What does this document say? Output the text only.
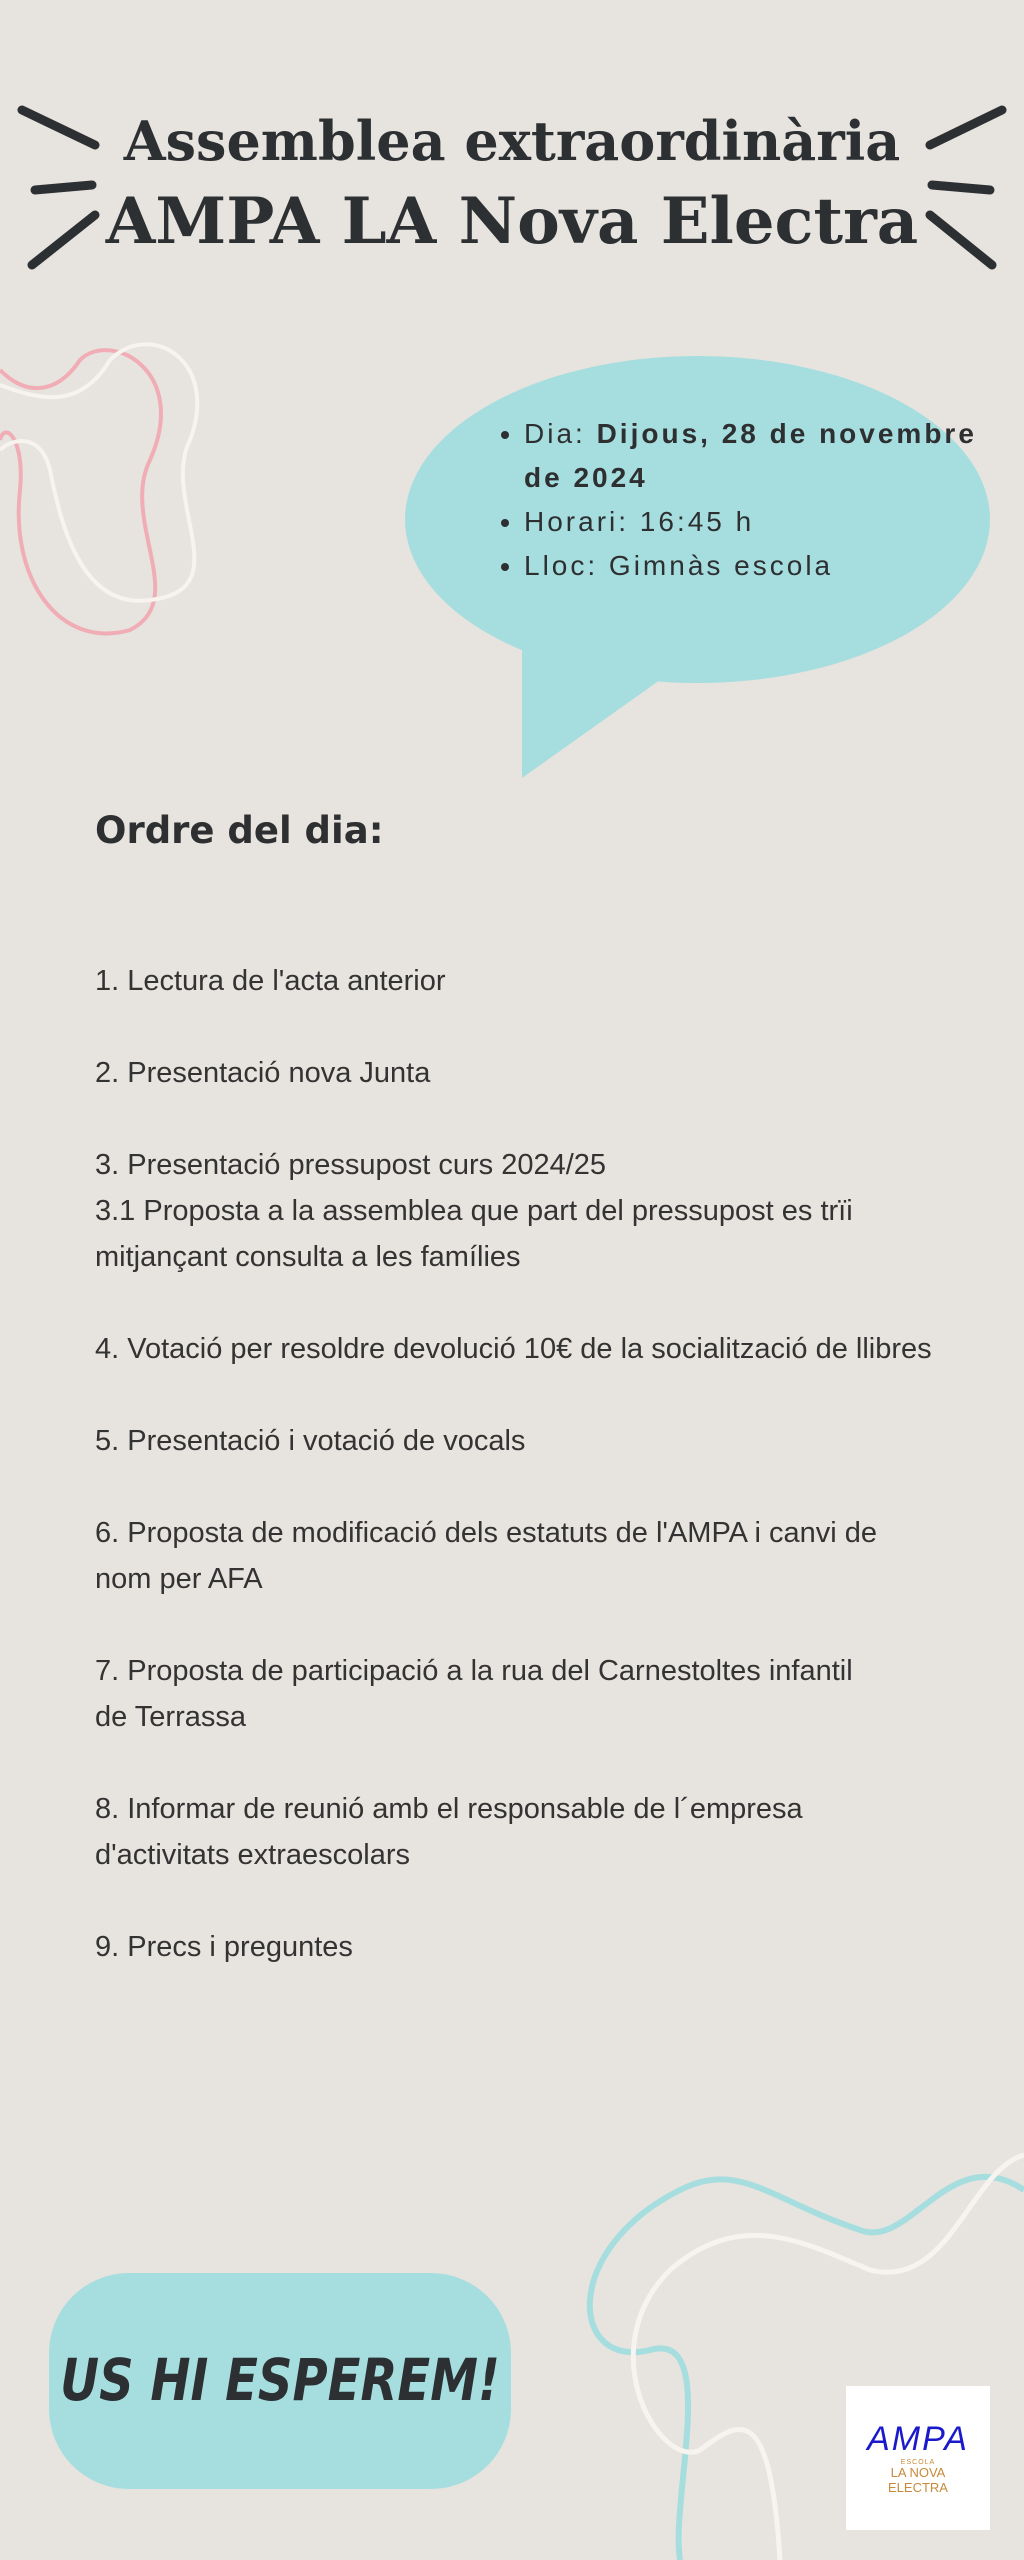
Assemblea extraordinària
AMPA LA Nova Electra
• Dia: Dijous, 28 de novembre de 2024
• Horari: 16:45 h
• Lloc: Gimnàs escola
Ordre del dia:

1. Lectura de l'acta anterior

2. Presentació nova Junta

3. Presentació pressupost curs 2024/25

3.1 Proposta a la assemblea que part del pressupost es trïi mitjançant consulta a les famílies

4. Votació per resoldre devolució 10€ de la socialització de llibres

5. Presentació i votació de vocals

6. Proposta de modificació dels estatuts de l'AMPA i canvi de nom per AFA

7. Proposta de participació a la rua del Carnestoltes infantil de Terrassa

8. Informar de reunió amb el responsable de l´empresa d'activitats extraescolars

9. Precs i preguntes

US HI ESPEREM!
AMPA
ESCOLA
LA NOVA
ELECTRA
